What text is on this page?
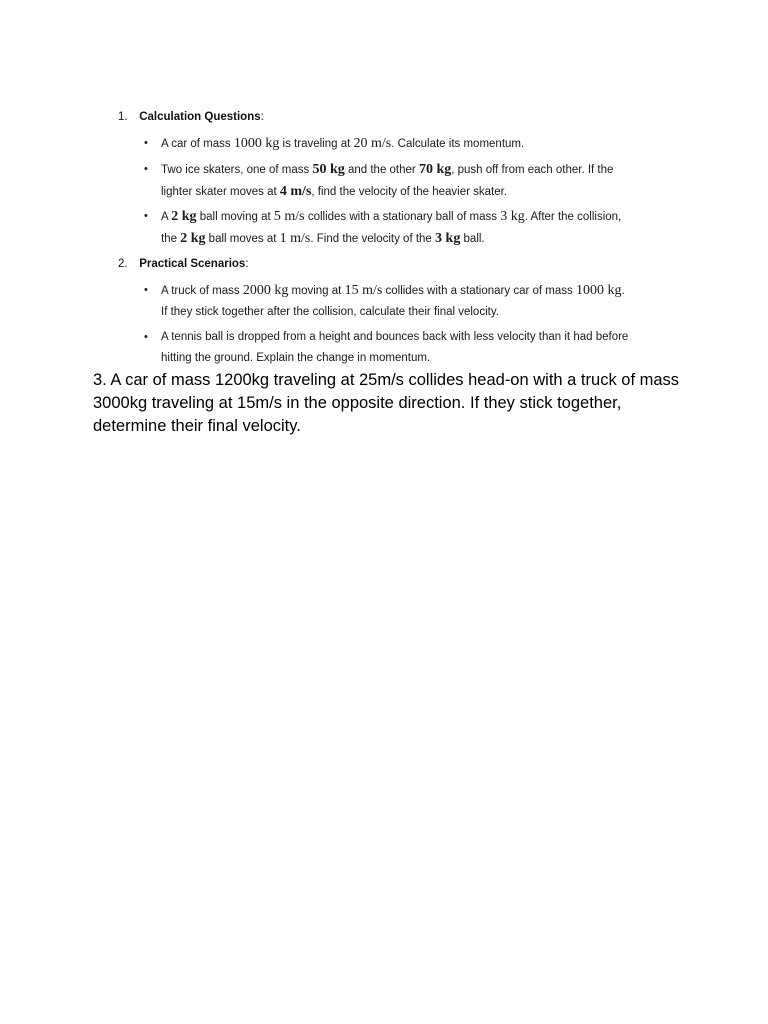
1. Calculation Questions:
• A car of mass 1000 kg is traveling at 20 m/s. Calculate its momentum.
• Two ice skaters, one of mass 50 kg and the other 70 kg, push off from each other. If the
lighter skater moves at 4 m/s, find the velocity of the heavier skater.
• A 2 kg ball moving at 5 m/s collides with a stationary ball of mass 3 kg. After the collision,
the 2 kg ball moves at 1 m/s. Find the velocity of the 3 kg ball.
2. Practical Scenarios:
• A truck of mass 2000 kg moving at 15 m/s collides with a stationary car of mass 1000 kg.
If they stick together after the collision, calculate their final velocity.
• A tennis ball is dropped from a height and bounces back with less velocity than it had before
hitting the ground. Explain the change in momentum.
3. A car of mass 1200kg traveling at 25m/s collides head-on with a truck of mass 3000kg traveling at 15m/s in the opposite direction. If they stick together, determine their final velocity.
